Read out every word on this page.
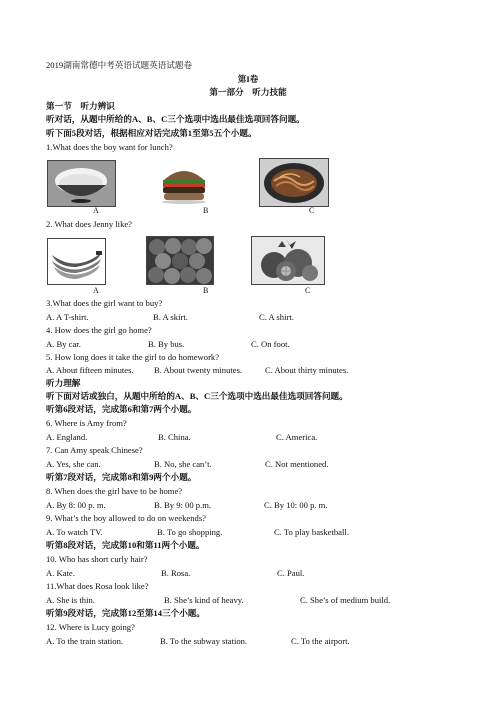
2019湖南常德中考英语试题英语试题卷
第I卷
第一部分　听力技能
第一节　听力辨识
听对话，从题中所给的A、B、C三个选项中选出最佳选项回答问题。
听下面5段对话，根据相应对话完成第1至第5五个小题。
1.What does the boy want for lunch?
A	B	C
2. What does Jenny like?
A	B	C
3.What does the girl want to buy?
A. A T-shirt.	B. A skirt.	C. A shirt.
4. How does the girl go home?
A. By car.	B. By bus.	C. On foot.
5. How long does it take the girl to do homework?
A. About fifteen minutes. B. About twenty minutes.	C. About thirty minutes.
听力理解
听下面对话或独白，从题中所给的A、B、C三个选项中选出最佳选项回答问题。
听第6段对话，完成第6和第7两个小题。
6. Where is Amy from?
A. England.	B. China.	C. America.
7. Can Amy speak Chinese?
A. Yes, she can.	B. No, she can’t.	C. Not mentioned.
听第7段对话，完成第8和第9两个小题。
8. When does the girl have to be home?
A. By 8: 00 p. m.	B. By 9: 00 p.m.	C. By 10: 00 p. m.
9. What’s the boy allowed to do on weekends?
A. To watch TV.	B. To go shopping.	C. To play basketball.
听第8段对话，完成第10和第11两个小题。
10. Who has short curly hair?
A. Kate.	B. Rosa.	C. Paul.
11.What does Rosa look like?
A. She is thin.	B. She’s kind of heavy.	C. She’s of medium build.
听第9段对话，完成第12至第14三个小题。
12. Where is Lucy going?
A. To the train station.	B. To the subway station.	C. To the airport.
